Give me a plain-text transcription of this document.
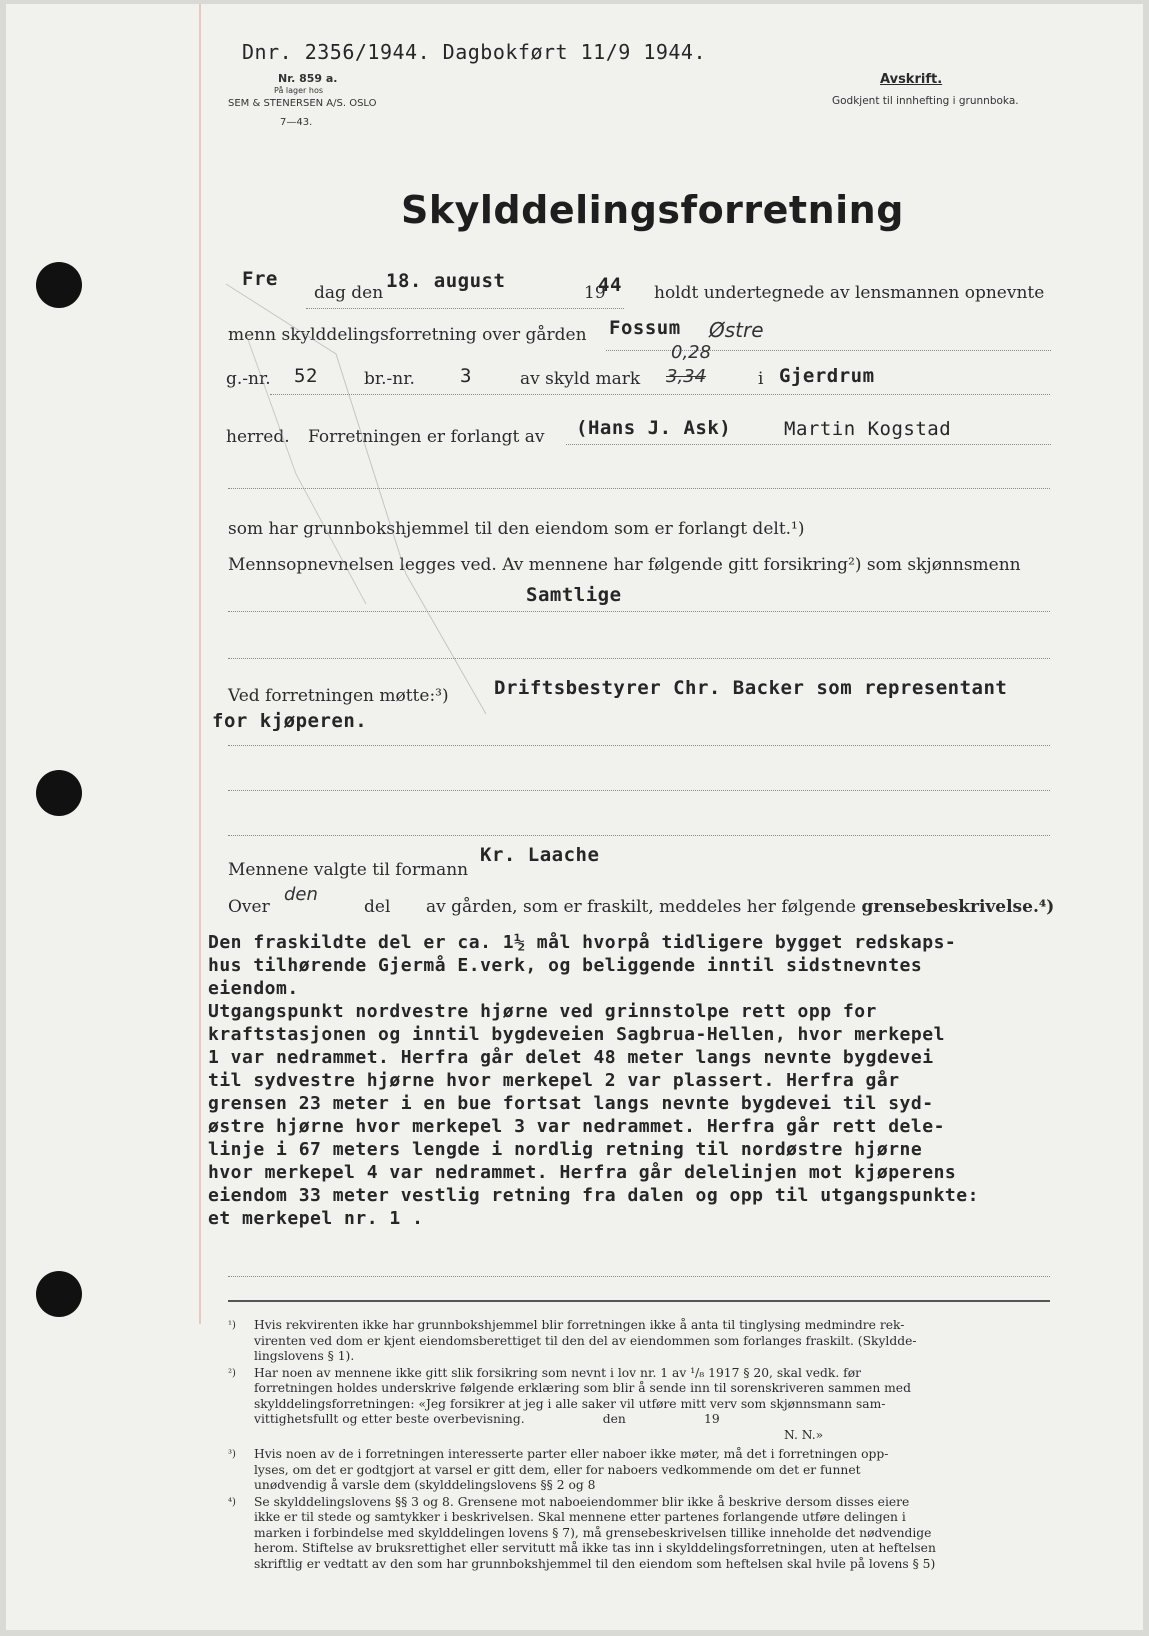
Dnr. 2356/1944. Dagbokført 11/9 1944.
Nr. 859 a.
På lager hos
SEM & STENERSEN A/S. OSLO
7—43.
Avskrift.
Godkjent til innhefting i grunnboka.
Skylddelingsforretning
Fre
dag den
18. august
19
44 holdt undertegnede av lensmannen opnevnte
menn skylddelingsforretning over gården Fossum Østre
g.-nr. 52	br.-nr. 3	av skyld mark 3,34
0,28
i Gjerdrum
herred. Forretningen er forlangt av (Hans J. Ask)	Martin Kogstad
som har grunnbokshjemmel til den eiendom som er forlangt delt.¹)
Mennsopnevnelsen legges ved. Av mennene har følgende gitt forsikring²) som skjønnsmenn
Samtlige
Ved forretningen møtte:³) Driftsbestyrer Chr. Backer som representant
for kjøperen.
Mennene valgte til formann
Kr. Laache
Over
den
del av gården, som er fraskilt, meddeles her følgende grensebeskrivelse.⁴)
Den fraskildte del er ca. 1½ mål hvorpå tidligere bygget redskaps-
hus tilhørende Gjermå E.verk, og beliggende inntil sidstnevntes
eiendom.
Utgangspunkt nordvestre hjørne ved grinnstolpe rett opp for
kraftstasjonen og inntil bygdeveien Sagbrua-Hellen, hvor merkepel
1 var nedrammet. Herfra går delet 48 meter langs nevnte bygdevei
til sydvestre hjørne hvor merkepel 2 var plassert. Herfra går
grensen 23 meter i en bue fortsat langs nevnte bygdevei til syd-
østre hjørne hvor merkepel 3 var nedrammet. Herfra går rett dele-
linje i 67 meters lengde i nordlig retning til nordøstre hjørne
hvor merkepel 4 var nedrammet. Herfra går delelinjen mot kjøperens
eiendom 33 meter vestlig retning fra dalen og opp til utgangspunkte:
et merkepel nr. 1 .
¹)	Hvis rekvirenten ikke har grunnbokshjemmel blir forretningen ikke å anta til tinglysing medmindre rek-
virenten ved dom er kjent eiendomsberettiget til den del av eiendommen som forlanges fraskilt. (Skyldde-
lingslovens § 1).
²)	Har noen av mennene ikke gitt slik forsikring som nevnt i lov nr. 1 av ¹/₈ 1917 § 20, skal vedk. før
forretningen holdes underskrive følgende erklæring som blir å sende inn til sorenskriveren sammen med
skylddelingsforretningen: «Jeg forsikrer at jeg i alle saker vil utføre mitt verv som skjønnsmann sam-
vittighetsfullt og etter beste overbevisning.                    den                    19
N. N.»
³)	Hvis noen av de i forretningen interesserte parter eller naboer ikke møter, må det i forretningen opp-
lyses, om det er godtgjort at varsel er gitt dem, eller for naboers vedkommende om det er funnet
unødvendig å varsle dem (skylddelingslovens §§ 2 og 8
⁴)	Se skylddelingslovens §§ 3 og 8. Grensene mot naboeiendommer blir ikke å beskrive dersom disses eiere
ikke er til stede og samtykker i beskrivelsen. Skal mennene etter partenes forlangende utføre delingen i
marken i forbindelse med skylddelingen lovens § 7), må grensebeskrivelsen tillike inneholde det nødvendige
herom. Stiftelse av bruksrettighet eller servitutt må ikke tas inn i skylddelingsforretningen, uten at heftelsen
skriftlig er vedtatt av den som har grunnbokshjemmel til den eiendom som heftelsen skal hvile på lovens § 5)
